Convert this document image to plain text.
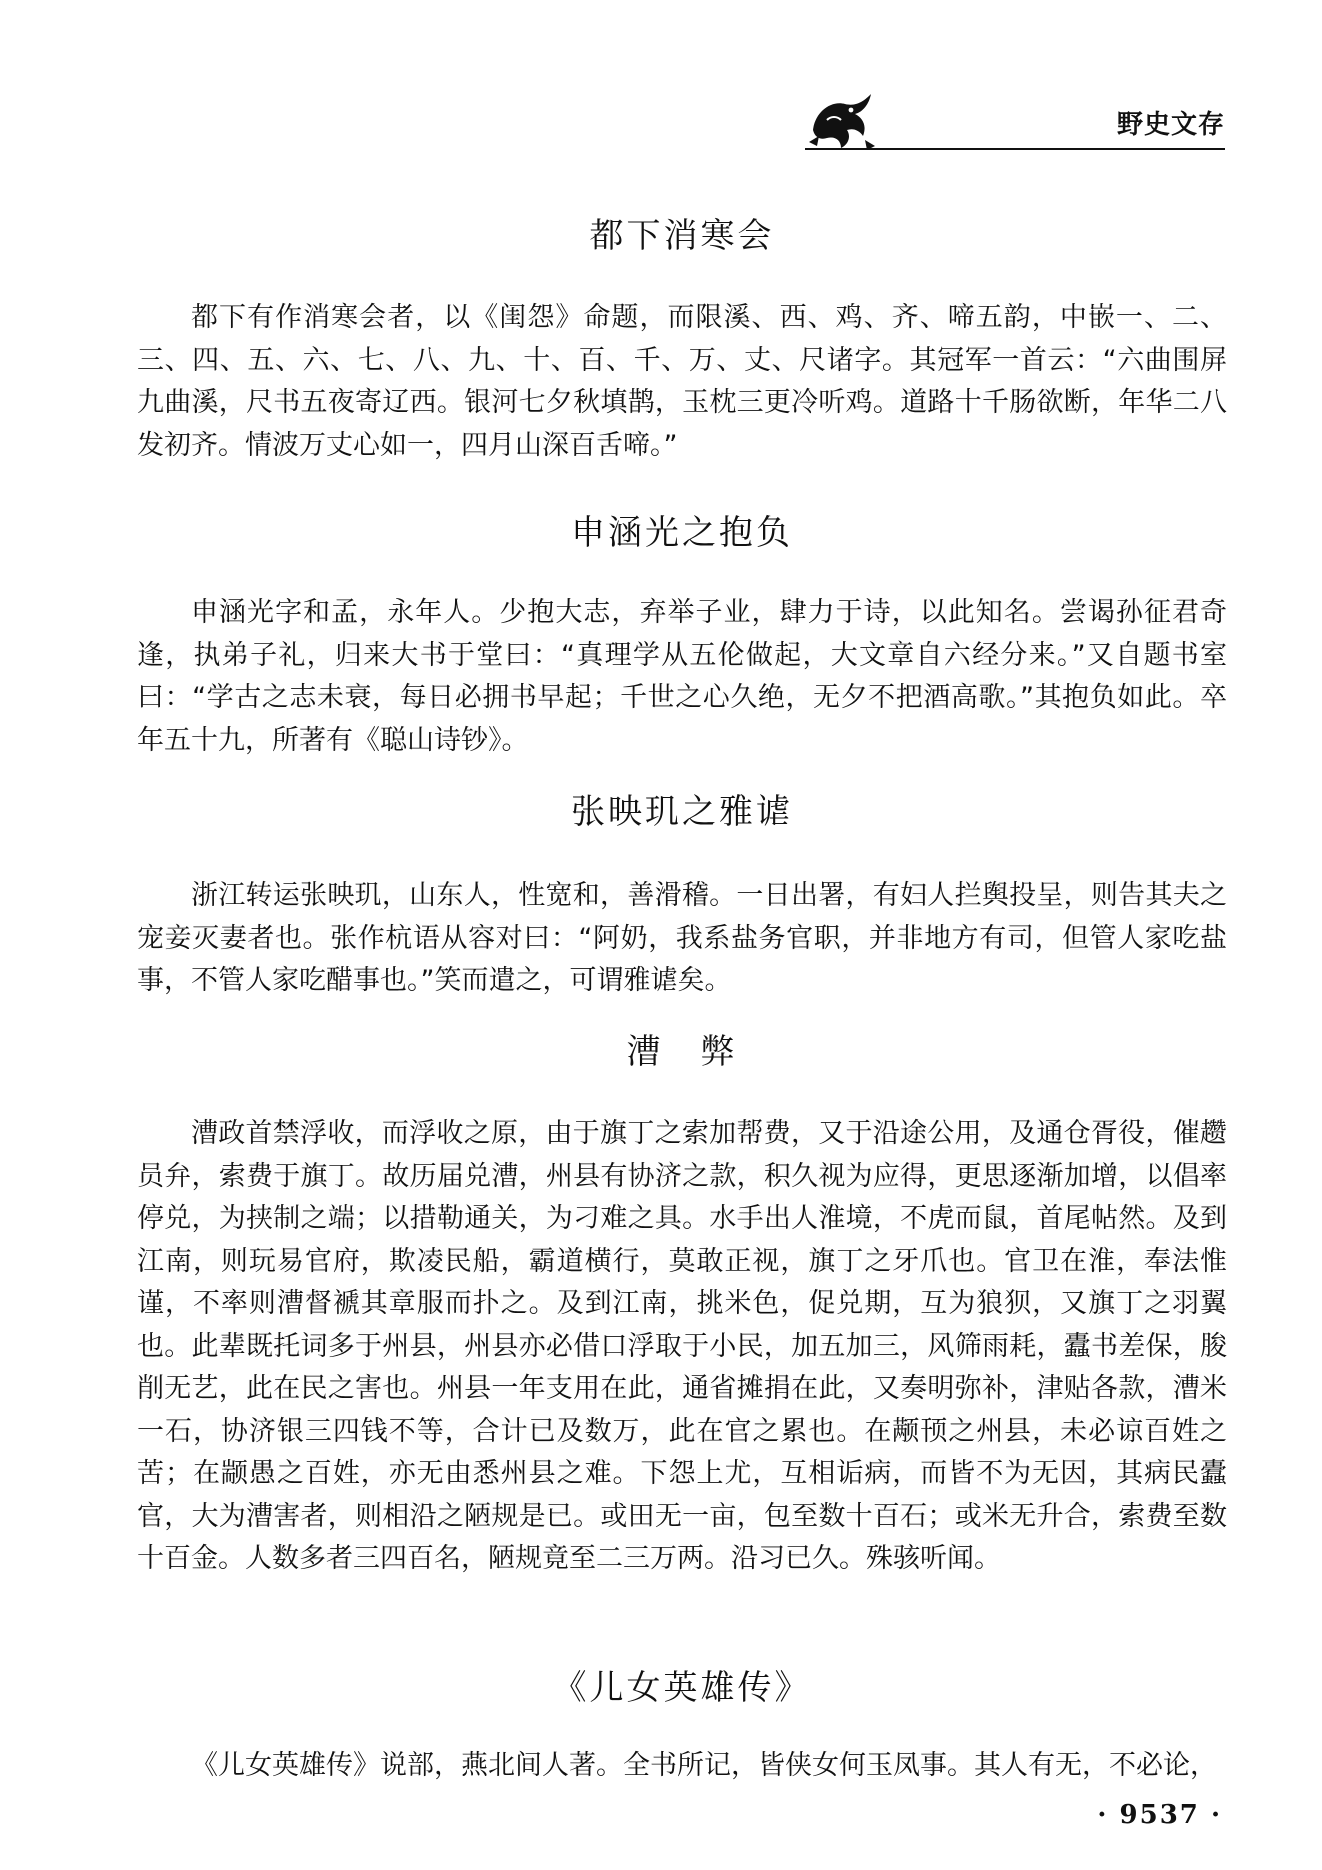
野史文存
都下消寒会

都下有作消寒会者，以《闺怨》命题，而限溪、西、鸡、齐、啼五韵，中嵌一、二、三、四、五、六、七、八、九、十、百、千、万、丈、尺诸字。其冠军一首云：“六曲围屏九曲溪，尺书五夜寄辽西。银河七夕秋填鹊，玉枕三更冷听鸡。道路十千肠欲断，年华二八发初齐。情波万丈心如一，四月山深百舌啼。”

申涵光之抱负

申涵光字和孟，永年人。少抱大志，弃举子业，肆力于诗，以此知名。尝谒孙征君奇逢，执弟子礼，归来大书于堂曰：“真理学从五伦做起，大文章自六经分来。”又自题书室曰：“学古之志未衰，每日必拥书早起；千世之心久绝，无夕不把酒高歌。”其抱负如此。卒年五十九，所著有《聪山诗钞》。

张映玑之雅谑

浙江转运张映玑，山东人，性宽和，善滑稽。一日出署，有妇人拦舆投呈，则告其夫之宠妾灭妻者也。张作杭语从容对曰：“阿奶，我系盐务官职，并非地方有司，但管人家吃盐事，不管人家吃醋事也。”笑而遣之，可谓雅谑矣。

漕　弊

漕政首禁浮收，而浮收之原，由于旗丁之索加帮费，又于沿途公用，及通仓胥役，催趱员弁，索费于旗丁。故历届兑漕，州县有协济之款，积久视为应得，更思逐渐加增，以倡率停兑，为挟制之端；以措勒通关，为刁难之具。水手出人淮境，不虎而鼠，首尾帖然。及到江南，则玩易官府，欺凌民船，霸道横行，莫敢正视，旗丁之牙爪也。官卫在淮，奉法惟谨，不率则漕督褫其章服而扑之。及到江南，挑米色，促兑期，互为狼狈，又旗丁之羽翼也。此辈既托词多于州县，州县亦必借口浮取于小民，加五加三，风筛雨耗，蠹书差保，朘削无艺，此在民之害也。州县一年支用在此，通省摊捐在此，又奏明弥补，津贴各款，漕米一石，协济银三四钱不等，合计已及数万，此在官之累也。在颟顸之州县，未必谅百姓之苦；在颛愚之百姓，亦无由悉州县之难。下怨上尤，互相诟病，而皆不为无因，其病民蠹官，大为漕害者，则相沿之陋规是已。或田无一亩，包至数十百石；或米无升合，索费至数十百金。人数多者三四百名，陋规竟至二三万两。沿习已久。殊骇听闻。

《儿女英雄传》

《儿女英雄传》说部，燕北间人著。全书所记，皆侠女何玉凤事。其人有无，不必论，

· 9537 ·
